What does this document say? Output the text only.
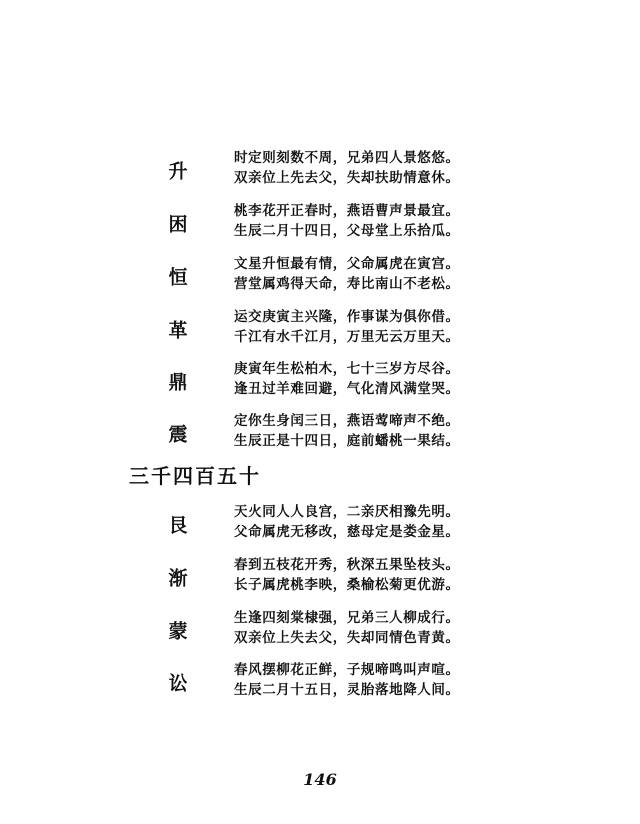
升
时定则刻数不周，兄弟四人景悠悠。
双亲位上先去父，失却扶助情意休。
困
桃李花开正春时，燕语曹声景最宜。
生辰二月十四日，父母堂上乐拾瓜。
恒
文星升恒最有情，父命属虎在寅宫。
营堂属鸡得天命，寿比南山不老松。
革
运交庚寅主兴隆，作事谋为俱你借。
千江有水千江月，万里无云万里天。
鼎
庚寅年生松柏木，七十三岁方尽谷。
逢丑过羊难回避，气化清风满堂哭。
震
定你生身闰三日，燕语莺啼声不绝。
生辰正是十四日，庭前蟠桃一果结。
三千四百五十
艮
天火同人人良宫，二亲厌相豫先明。
父命属虎无移改，慈母定是娄金星。
渐
春到五枝花开秀，秋深五果坠枝头。
长子属虎桃李映，桑榆松菊更优游。
蒙
生逢四刻棠棣强，兄弟三人柳成行。
双亲位上失去父，失却同情色青黄。
讼
春风摆柳花正鲜，子规啼鸣叫声喧。
生辰二月十五日，灵胎落地降人间。
146
